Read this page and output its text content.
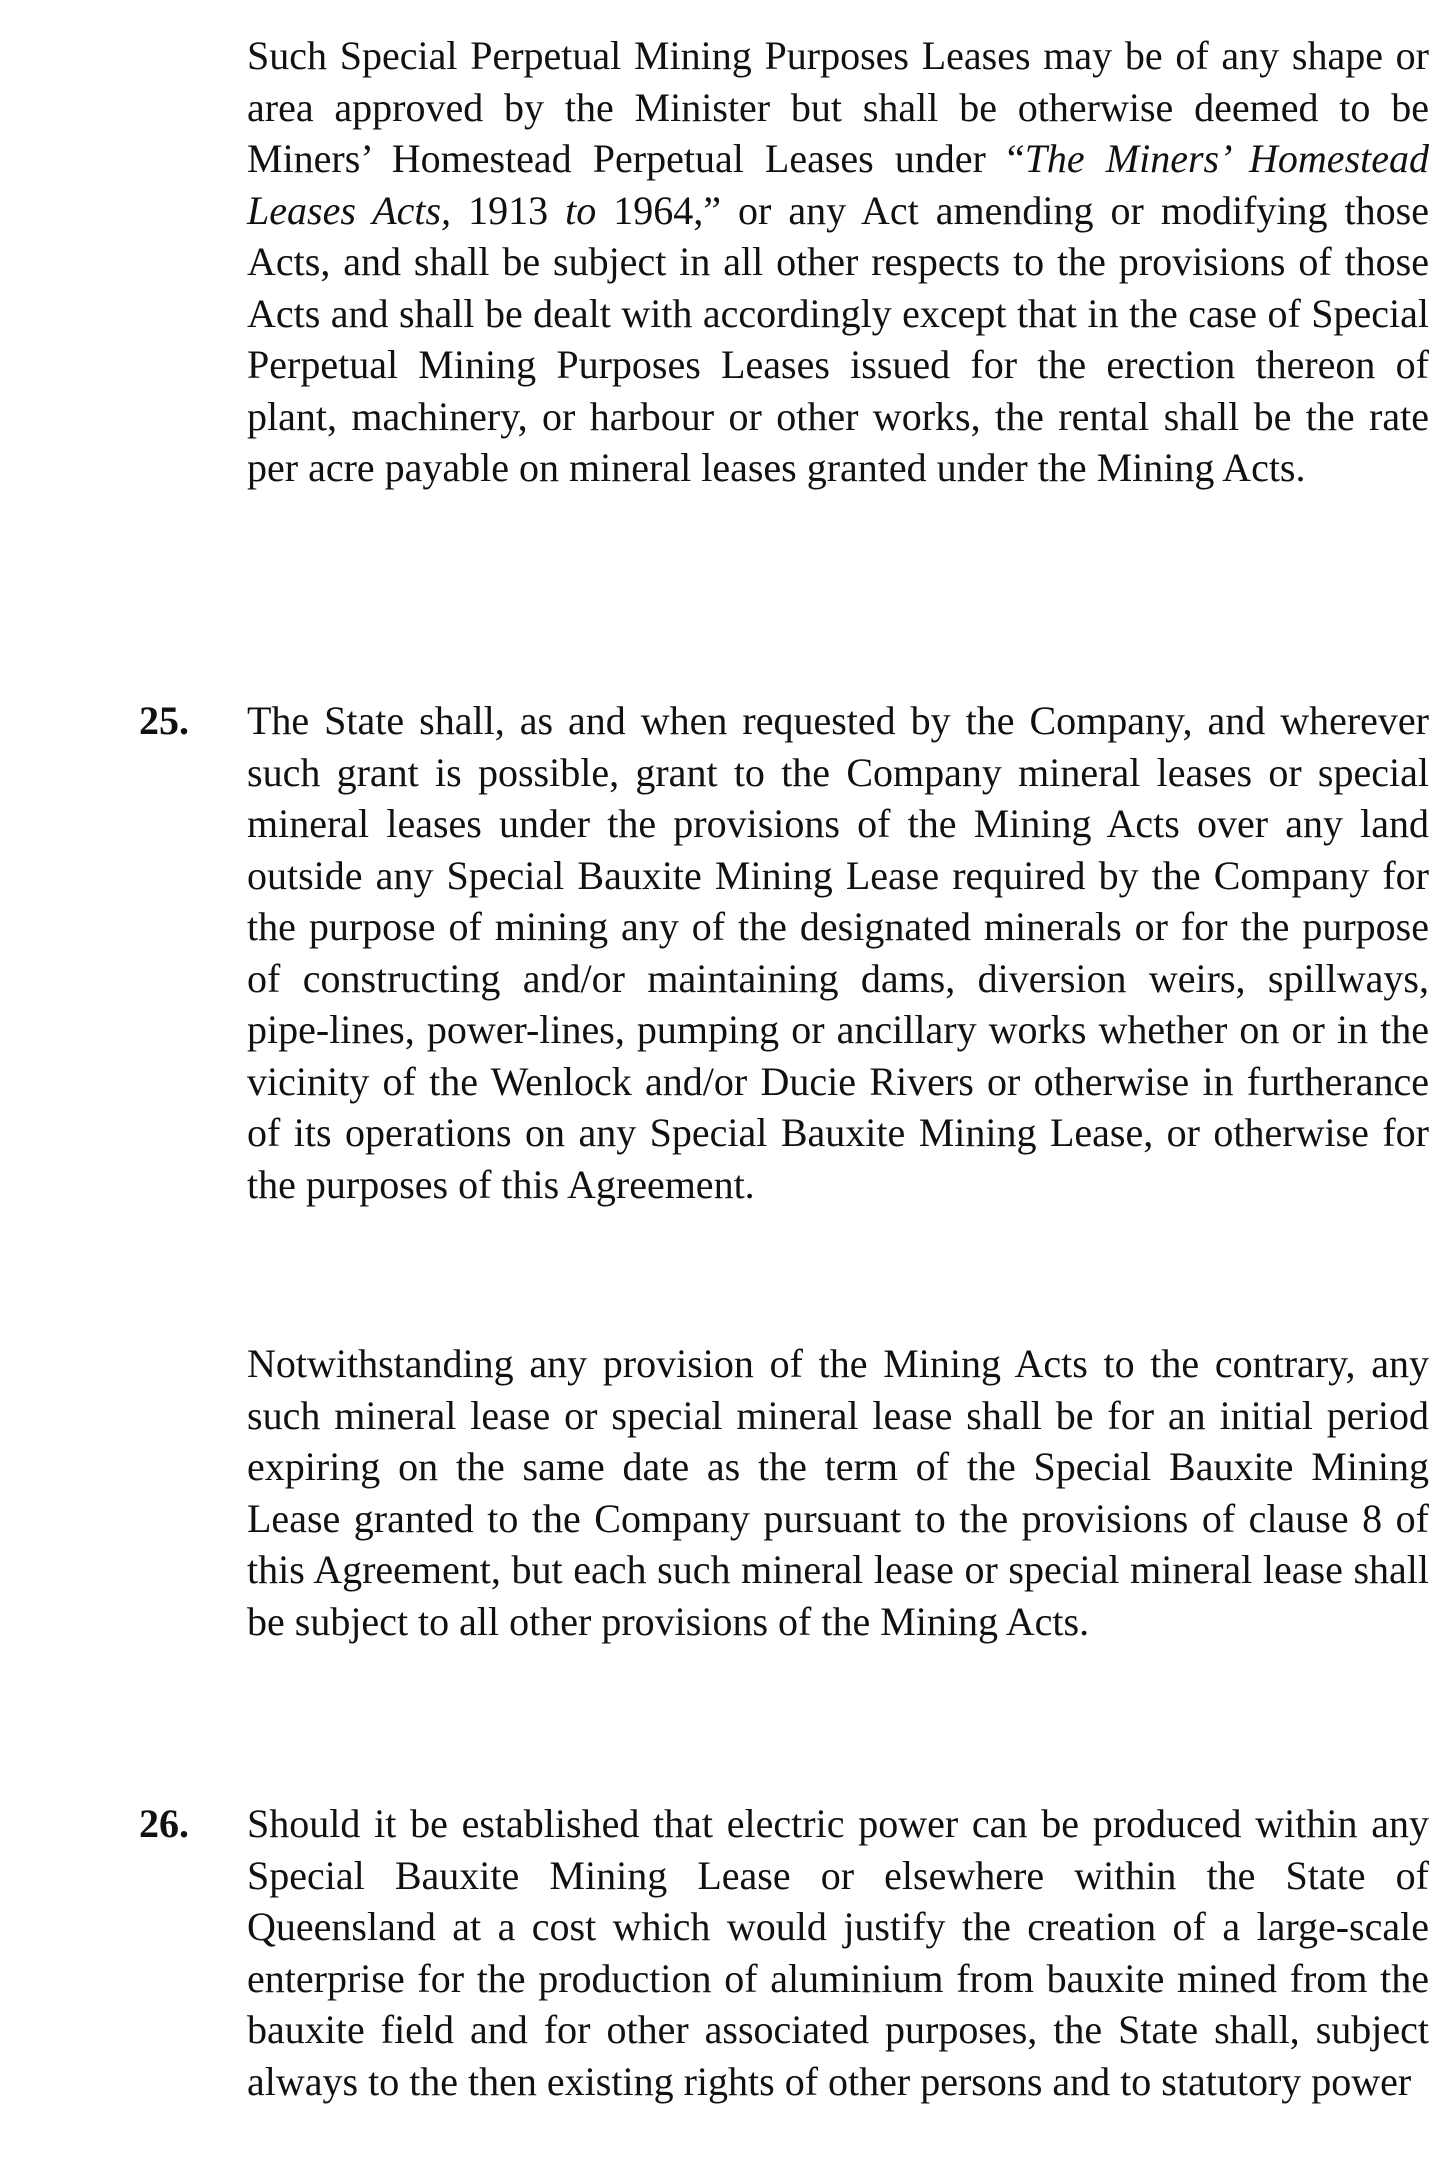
Such Special Perpetual Mining Purposes Leases may be of any shape or area approved by the Minister but shall be otherwise deemed to be Miners’ Homestead Perpetual Leases under “The Miners’ Homestead Leases Acts, 1913 to 1964,” or any Act amending or modifying those Acts, and shall be subject in all other respects to the provisions of those Acts and shall be dealt with accordingly except that in the case of Special Perpetual Mining Purposes Leases issued for the erection thereon of plant, machinery, or harbour or other works, the rental shall be the rate per acre payable on mineral leases granted under the Mining Acts.

25. The State shall, as and when requested by the Company, and wherever such grant is possible, grant to the Company mineral leases or special mineral leases under the provisions of the Mining Acts over any land outside any Special Bauxite Mining Lease required by the Company for the purpose of mining any of the designated minerals or for the purpose of constructing and/or maintaining dams, diversion weirs, spillways, pipe-lines, power-lines, pumping or ancillary works whether on or in the vicinity of the Wenlock and/or Ducie Rivers or otherwise in furtherance of its operations on any Special Bauxite Mining Lease, or otherwise for the purposes of this Agreement.

Notwithstanding any provision of the Mining Acts to the contrary, any such mineral lease or special mineral lease shall be for an initial period expiring on the same date as the term of the Special Bauxite Mining Lease granted to the Company pursuant to the provisions of clause 8 of this Agreement, but each such mineral lease or special mineral lease shall be subject to all other provisions of the Mining Acts.

26. Should it be established that electric power can be produced within any Special Bauxite Mining Lease or elsewhere within the State of Queensland at a cost which would justify the creation of a large-scale enterprise for the production of aluminium from bauxite mined from the bauxite field and for other associated purposes, the State shall, subject always to the then existing rights of other persons and to statutory power
